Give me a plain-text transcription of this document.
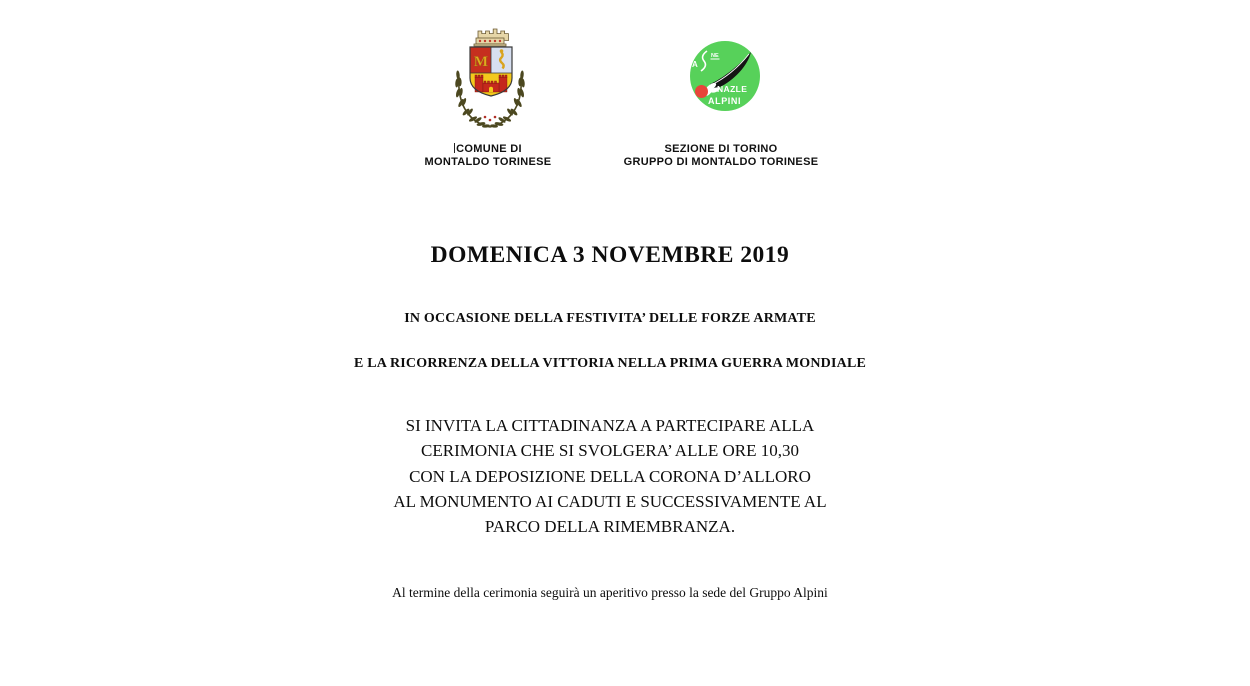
M	A
NE
NAZLE
ALPINI
COMUNE DI
MONTALDO TORINESE
SEZIONE DI TORINO
GRUPPO DI MONTALDO TORINESE
DOMENICA 3 NOVEMBRE 2019
IN OCCASIONE DELLA FESTIVITA’ DELLE FORZE ARMATE
E LA RICORRENZA DELLA VITTORIA NELLA PRIMA GUERRA MONDIALE
SI INVITA LA CITTADINANZA A PARTECIPARE ALLA
CERIMONIA CHE SI SVOLGERA’ ALLE ORE 10,30
CON LA DEPOSIZIONE DELLA CORONA D’ALLORO
AL MONUMENTO AI CADUTI E SUCCESSIVAMENTE AL
PARCO DELLA RIMEMBRANZA.
Al termine della cerimonia seguirà un aperitivo presso la sede del Gruppo Alpini
